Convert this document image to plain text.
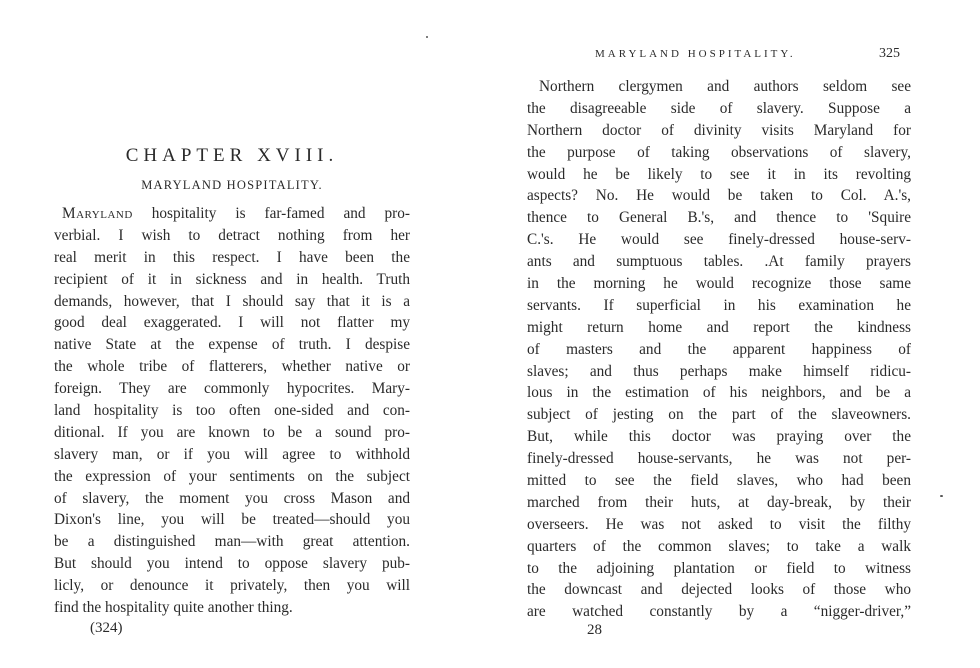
CHAPTER XVIII.
MARYLAND HOSPITALITY.
Maryland hospitality is far-famed and pro-
verbial. I wish to detract nothing from her
real merit in this respect. I have been the
recipient of it in sickness and in health. Truth
demands, however, that I should say that it is a
good deal exaggerated. I will not flatter my
native State at the expense of truth. I despise
the whole tribe of flatterers, whether native or
foreign. They are commonly hypocrites. Mary-
land hospitality is too often one-sided and con-
ditional. If you are known to be a sound pro-
slavery man, or if you will agree to withhold
the expression of your sentiments on the subject
of slavery, the moment you cross Mason and
Dixon's line, you will be treated—should you
be a distinguished man—with great attention.
But should you intend to oppose slavery pub-
licly, or denounce it privately, then you will
find the hospitality quite another thing.
(324)
MARYLAND HOSPITALITY.	325
Northern clergymen and authors seldom see
the disagreeable side of slavery. Suppose a
Northern doctor of divinity visits Maryland for
the purpose of taking observations of slavery,
would he be likely to see it in its revolting
aspects? No. He would be taken to Col. A.'s,
thence to General B.'s, and thence to 'Squire
C.'s. He would see finely-dressed house-serv-
ants and sumptuous tables. .At family prayers
in the morning he would recognize those same
servants. If superficial in his examination he
might return home and report the kindness
of masters and the apparent happiness of
slaves; and thus perhaps make himself ridicu-
lous in the estimation of his neighbors, and be a
subject of jesting on the part of the slaveowners.
But, while this doctor was praying over the
finely-dressed house-servants, he was not per-
mitted to see the field slaves, who had been
marched from their huts, at day-break, by their
overseers. He was not asked to visit the filthy
quarters of the common slaves; to take a walk
to the adjoining plantation or field to witness
the downcast and dejected looks of those who
are watched constantly by a “nigger-driver,”
28
